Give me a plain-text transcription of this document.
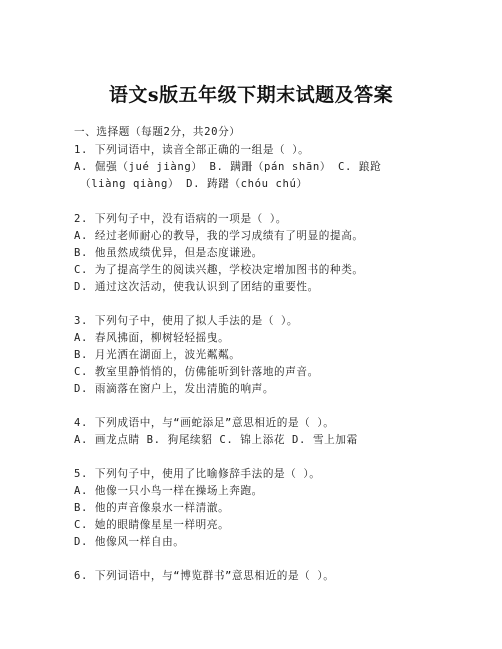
语文s版五年级下期末试题及答案
一、选择题（每题2分，共20分）
1. 下列词语中，读音全部正确的一组是（ ）。
A. 倔强（jué jiàng） B. 蹒跚（pán shān） C. 踉跄
（liàng qiàng） D. 踌躇（chóu chú）
2. 下列句子中，没有语病的一项是（ ）。
A. 经过老师耐心的教导，我的学习成绩有了明显的提高。
B. 他虽然成绩优异，但是态度谦逊。
C. 为了提高学生的阅读兴趣，学校决定增加图书的种类。
D. 通过这次活动，使我认识到了团结的重要性。
3. 下列句子中，使用了拟人手法的是（ ）。
A. 春风拂面，柳树轻轻摇曳。
B. 月光洒在湖面上，波光粼粼。
C. 教室里静悄悄的，仿佛能听到针落地的声音。
D. 雨滴落在窗户上，发出清脆的响声。
4. 下列成语中，与“画蛇添足”意思相近的是（ ）。
A. 画龙点睛 B. 狗尾续貂 C. 锦上添花 D. 雪上加霜
5. 下列句子中，使用了比喻修辞手法的是（ ）。
A. 他像一只小鸟一样在操场上奔跑。
B. 他的声音像泉水一样清澈。
C. 她的眼睛像星星一样明亮。
D. 他像风一样自由。
6. 下列词语中，与“博览群书”意思相近的是（ ）。
